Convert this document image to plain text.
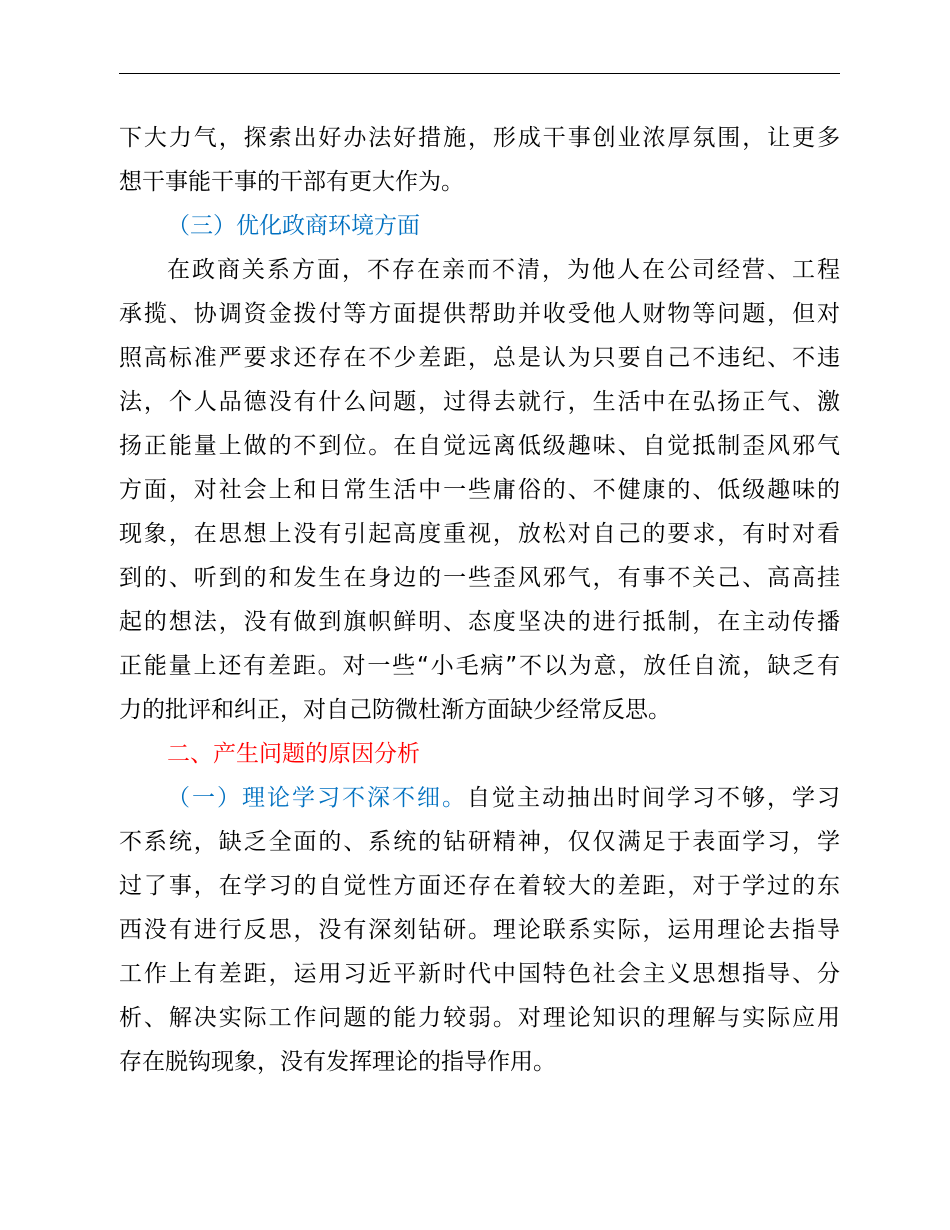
下大力气，探索出好办法好措施，形成干事创业浓厚氛围，让更多
想干事能干事的干部有更大作为。
（三）优化政商环境方面
在政商关系方面，不存在亲而不清，为他人在公司经营、工程
承揽、协调资金拨付等方面提供帮助并收受他人财物等问题，但对
照高标准严要求还存在不少差距，总是认为只要自己不违纪、不违
法，个人品德没有什么问题，过得去就行，生活中在弘扬正气、激
扬正能量上做的不到位。在自觉远离低级趣味、自觉抵制歪风邪气
方面，对社会上和日常生活中一些庸俗的、不健康的、低级趣味的
现象，在思想上没有引起高度重视，放松对自己的要求，有时对看
到的、听到的和发生在身边的一些歪风邪气，有事不关己、高高挂
起的想法，没有做到旗帜鲜明、态度坚决的进行抵制，在主动传播
正能量上还有差距。对一些“小毛病”不以为意，放任自流，缺乏有
力的批评和纠正，对自己防微杜渐方面缺少经常反思。
二、产生问题的原因分析
（一）理论学习不深不细。自觉主动抽出时间学习不够，学习
不系统，缺乏全面的、系统的钻研精神，仅仅满足于表面学习，学
过了事，在学习的自觉性方面还存在着较大的差距，对于学过的东
西没有进行反思，没有深刻钻研。理论联系实际，运用理论去指导
工作上有差距，运用习近平新时代中国特色社会主义思想指导、分
析、解决实际工作问题的能力较弱。对理论知识的理解与实际应用
存在脱钩现象，没有发挥理论的指导作用。
